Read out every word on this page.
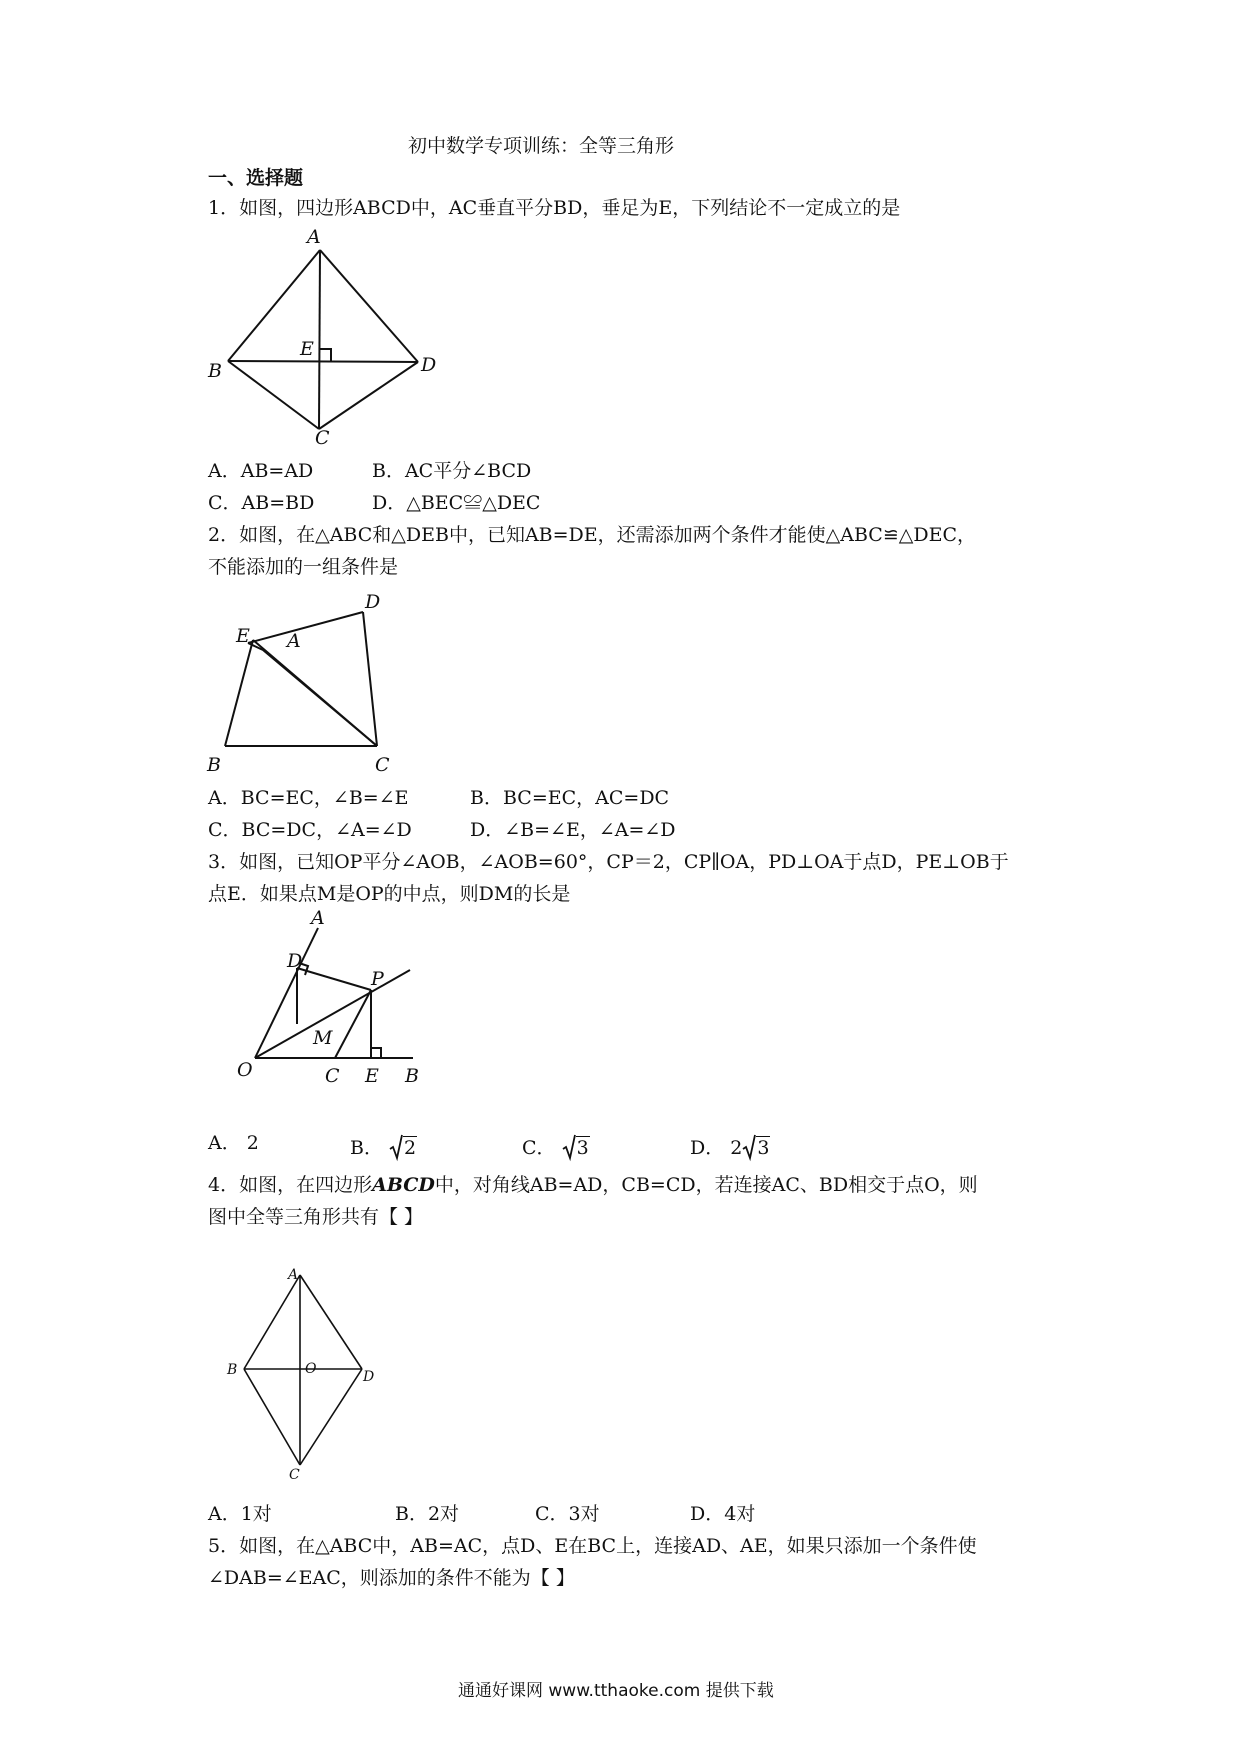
初中数学专项训练：全等三角形
一、选择题
1．如图，四边形ABCD中，AC垂直平分BD，垂足为E，下列结论不一定成立的是
A
B
E
D
C
A．AB=AD	B．AC平分∠BCD
C．AB=BD	D．△BEC≌△DEC
2．如图，在△ABC和△DEB中，已知AB=DE，还需添加两个条件才能使△ABC≌△DEC，
不能添加的一组条件是
E A
D
B	C
A．BC=EC，∠B=∠E	B．BC=EC，AC=DC
C．BC=DC，∠A=∠D	D．∠B=∠E，∠A=∠D
3．如图，已知OP平分∠AOB，∠AOB=60°，CP＝2，CP∥OA，PD⊥OA于点D，PE⊥OB于
点E．如果点M是OP的中点，则DM的长是
A
D
P
M
O	C E B
A． 2	B． 2	C． 3	D． 2 3
4．如图，在四边形ABCD中，对角线AB=AD，CB=CD，若连接AC、BD相交于点O，则
图中全等三角形共有【 】
A
B	O	D
C
A．1对	B．2对	C．3对	D．4对
5．如图，在△ABC中，AB=AC，点D、E在BC上，连接AD、AE，如果只添加一个条件使
∠DAB=∠EAC，则添加的条件不能为【 】
通通好课网 www.tthaoke.com 提供下载
